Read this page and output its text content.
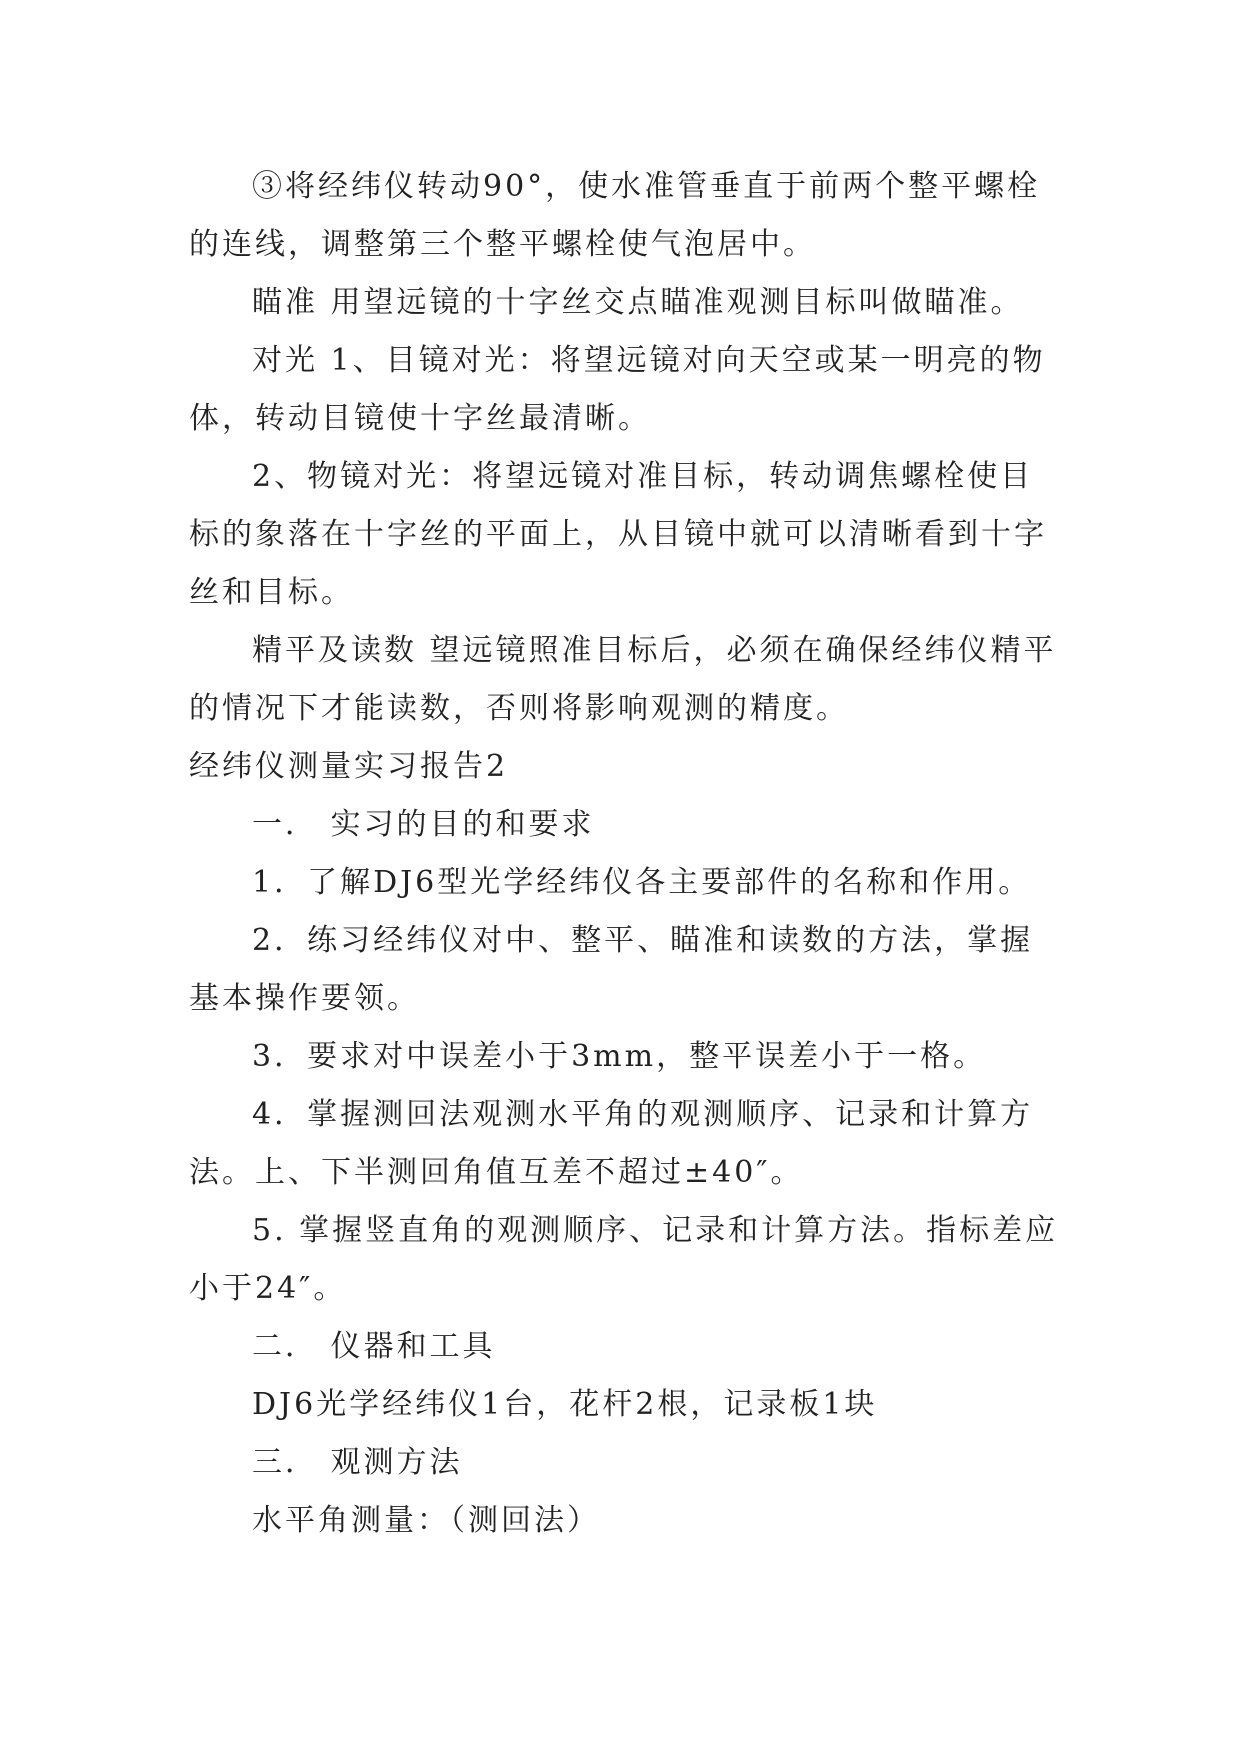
③将经纬仪转动90°，使水准管垂直于前两个整平螺栓的连线，调整第三个整平螺栓使气泡居中。

瞄准 用望远镜的十字丝交点瞄准观测目标叫做瞄准。

对光 1、目镜对光：将望远镜对向天空或某一明亮的物体，转动目镜使十字丝最清晰。

2、物镜对光：将望远镜对准目标，转动调焦螺栓使目标的象落在十字丝的平面上，从目镜中就可以清晰看到十字丝和目标。

精平及读数 望远镜照准目标后，必须在确保经纬仪精平的情况下才能读数，否则将影响观测的精度。

经纬仪测量实习报告2

一． 实习的目的和要求

1．了解DJ6型光学经纬仪各主要部件的名称和作用。

2．练习经纬仪对中、整平、瞄准和读数的方法，掌握基本操作要领。

3．要求对中误差小于3mm，整平误差小于一格。

4．掌握测回法观测水平角的观测顺序、记录和计算方法。上、下半测回角值互差不超过±40″。

5. 掌握竖直角的观测顺序、记录和计算方法。指标差应小于24″。

二． 仪器和工具

DJ6光学经纬仪1台，花杆2根，记录板1块

三． 观测方法

水平角测量：（测回法）
